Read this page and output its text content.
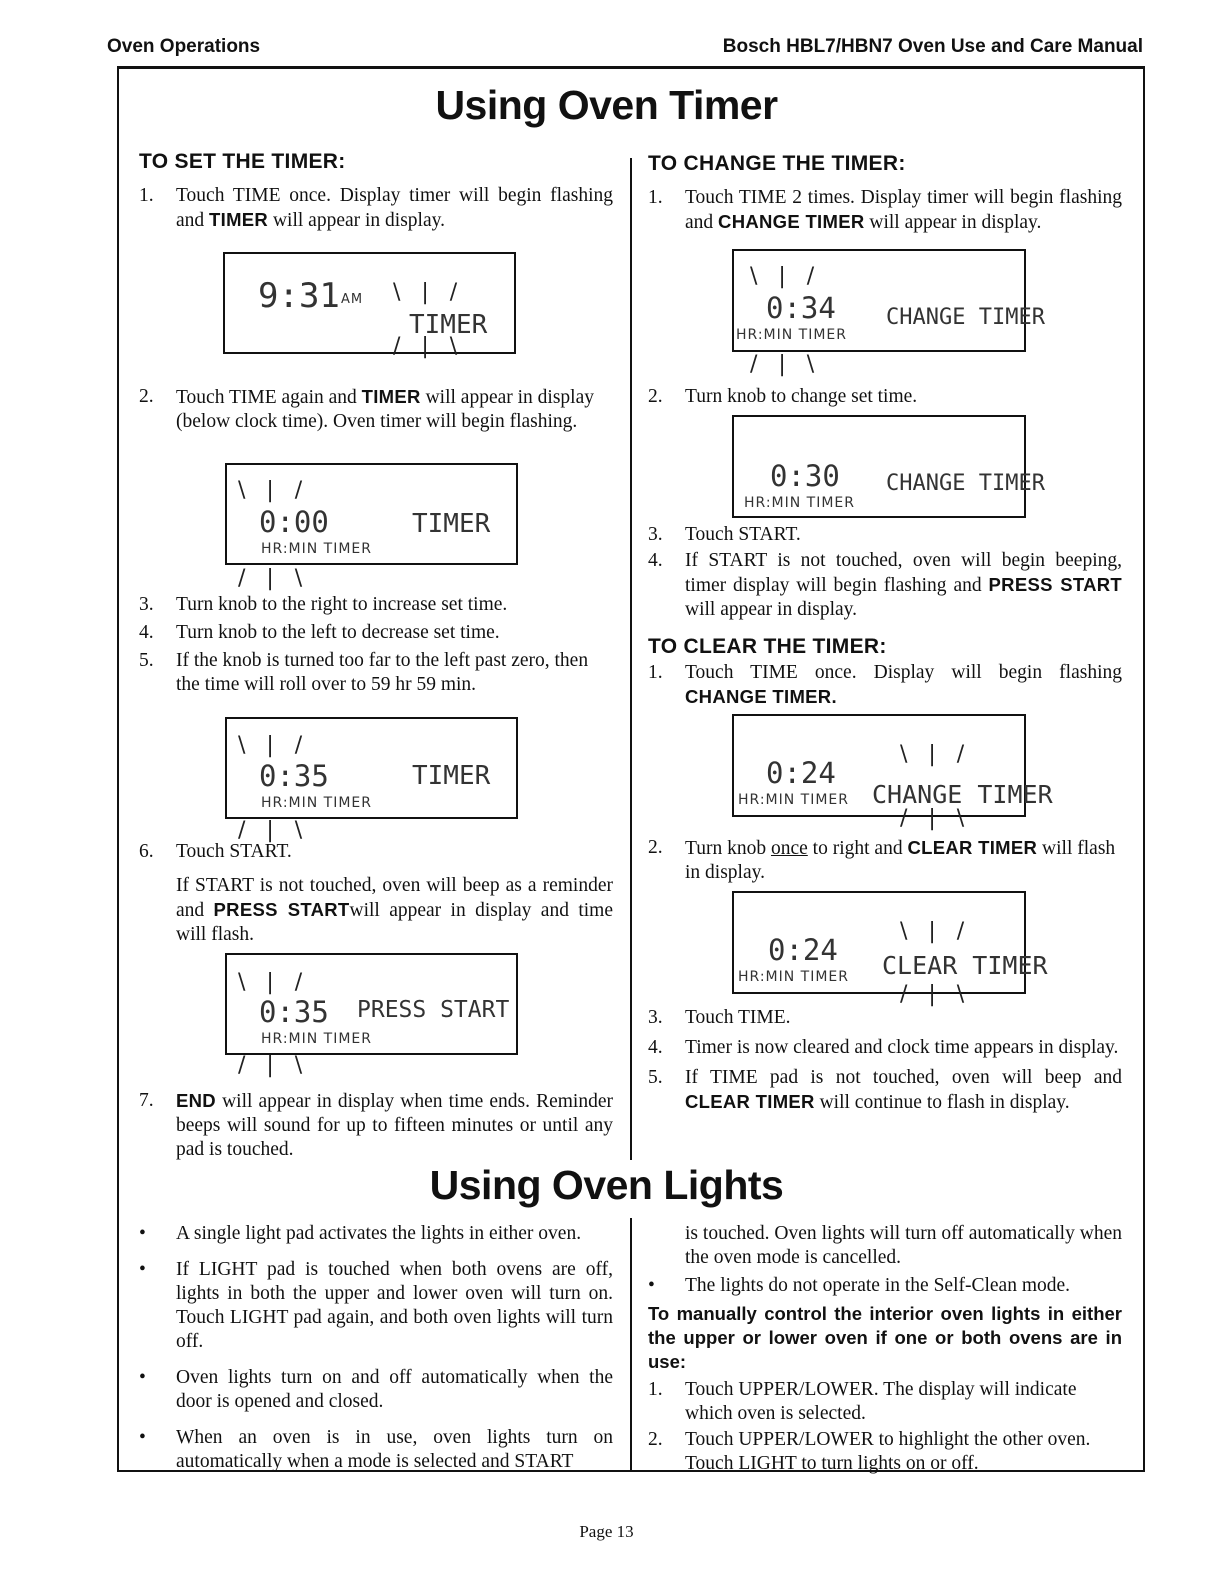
Oven Operations	Bosch HBL7/HBN7 Oven Use and Care Manual
Using Oven Timer
TO SET THE TIMER:
1. Touch TIME once. Display timer will begin flashing and TIMER will appear in display.
9:31 AM
TIMER
\   |   /
/   |   \
2. Touch TIME again and TIMER will appear in display (below clock time). Oven timer will begin flashing.
0:00
HR:MIN TIMER
TIMER
\   |   /
/   |   \
3. Turn knob to the right to increase set time.
4. Turn knob to the left to decrease set time.
5. If the knob is turned too far to the left past zero, then the time will roll over to 59 hr 59 min.
0:35
HR:MIN TIMER
TIMER
\   |   /
/   |   \
6. Touch START.
If START is not touched, oven will beep as a reminder and PRESS STARTwill appear in display and time will flash.
0:35
HR:MIN TIMER
PRESS START
\   |   /
/   |   \
7. END will appear in display when time ends. Reminder beeps will sound for up to fifteen minutes or until any pad is touched.
TO CHANGE THE TIMER:
1. Touch TIME 2 times. Display timer will begin flashing and CHANGE TIMER will appear in display.
0:34
HR:MIN TIMER
CHANGE TIMER
\   |   /
/   |   \
2. Turn knob to change set time.
0:30
HR:MIN TIMER
CHANGE TIMER
3. Touch START.
4. If START is not touched, oven will begin beeping, timer display will begin flashing and PRESS START will appear in display.
TO CLEAR THE TIMER:
1. Touch TIME once. Display will begin flashing CHANGE TIMER.
0:24
HR:MIN TIMER CHANGE TIMER
\   |   /
/   |   \
2. Turn knob once to right and CLEAR TIMER will flash in display.
0:24
HR:MIN TIMER CLEAR TIMER
\   |   /
/   |   \
3. Touch TIME.
4. Timer is now cleared and clock time appears in display.
5. If TIME pad is not touched, oven will beep and CLEAR TIMER will continue to flash in display.
Using Oven Lights
• A single light pad activates the lights in either oven.
• If LIGHT pad is touched when both ovens are off, lights in both the upper and lower oven will turn on. Touch LIGHT pad again, and both oven lights will turn off.
• Oven lights turn on and off automatically when the door is opened and closed.
• When an oven is in use, oven lights turn on automatically when a mode is selected and START
is touched. Oven lights will turn off automatically when the oven mode is cancelled.
• The lights do not operate in the Self-Clean mode.
To manually control the interior oven lights in either the upper or lower oven if one or both ovens are in use:
1. Touch UPPER/LOWER. The display will indicate which oven is selected.
2. Touch UPPER/LOWER to highlight the other oven. Touch LIGHT to turn lights on or off.
Page 13
